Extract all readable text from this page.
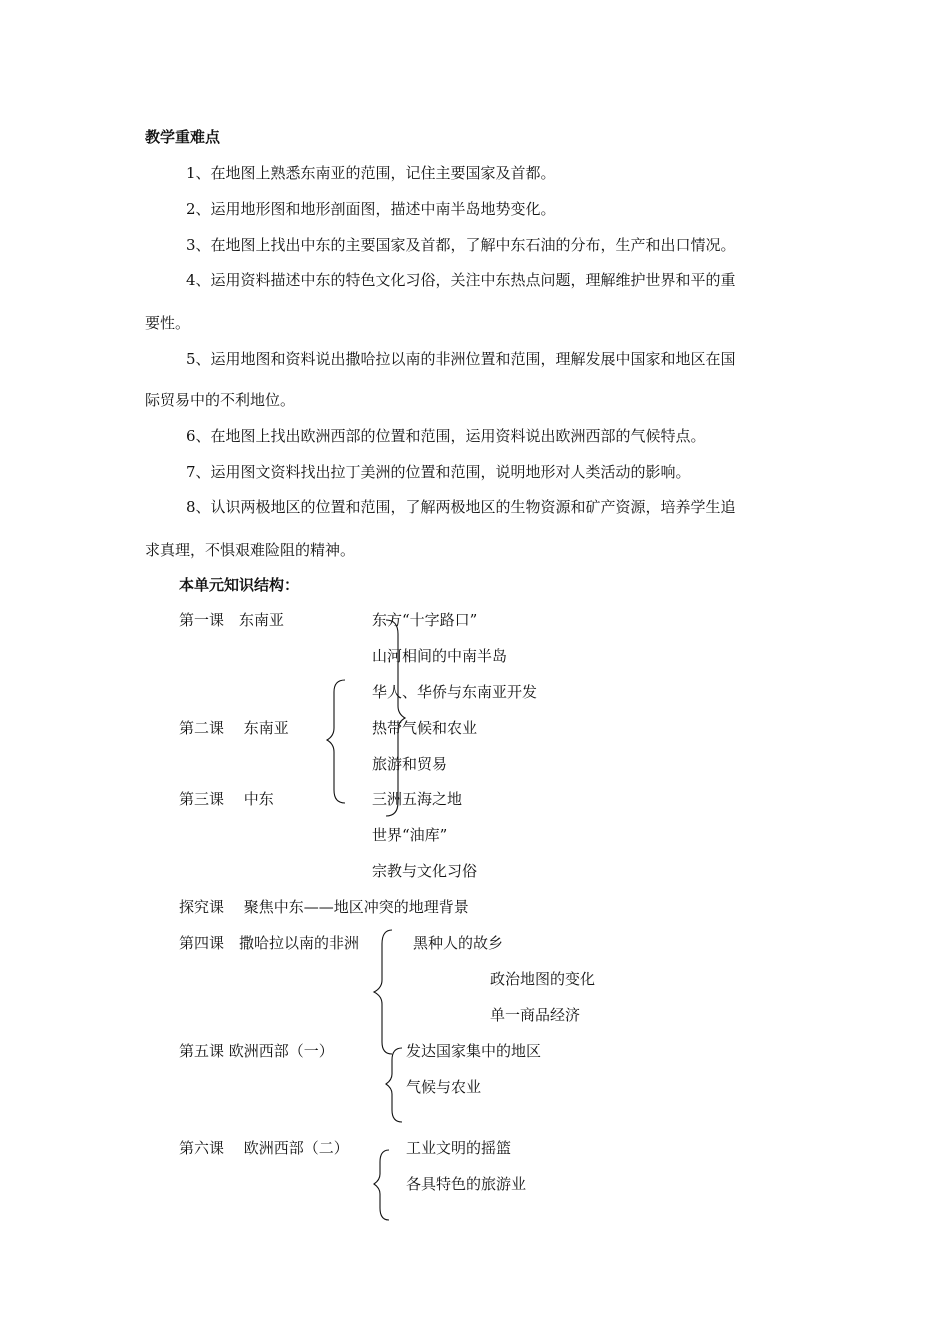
教学重难点
1、在地图上熟悉东南亚的范围，记住主要国家及首都。
2、运用地形图和地形剖面图，描述中南半岛地势变化。
3、在地图上找出中东的主要国家及首都，了解中东石油的分布，生产和出口情况。
4、运用资料描述中东的特色文化习俗，关注中东热点问题，理解维护世界和平的重
要性。
5、运用地图和资料说出撒哈拉以南的非洲位置和范围，理解发展中国家和地区在国
际贸易中的不利地位。
6、在地图上找出欧洲西部的位置和范围，运用资料说出欧洲西部的气候特点。
7、运用图文资料找出拉丁美洲的位置和范围，说明地形对人类活动的影响。
8、认识两极地区的位置和范围，了解两极地区的生物资源和矿产资源，培养学生追
求真理，不惧艰难险阻的精神。
本单元知识结构：
第一课　东南亚
第二课　 东南亚
第三课　 中东
探究课　 聚焦中东——地区冲突的地理背景
第四课　撒哈拉以南的非洲
第五课 欧洲西部（一）
第六课　 欧洲西部（二）
东方“十字路口”
山河相间的中南半岛
华人、华侨与东南亚开发
热带气候和农业
旅游和贸易
三洲五海之地
世界“油库”
宗教与文化习俗
黑种人的故乡
政治地图的变化
单一商品经济
发达国家集中的地区
气候与农业
工业文明的摇篮
各具特色的旅游业
